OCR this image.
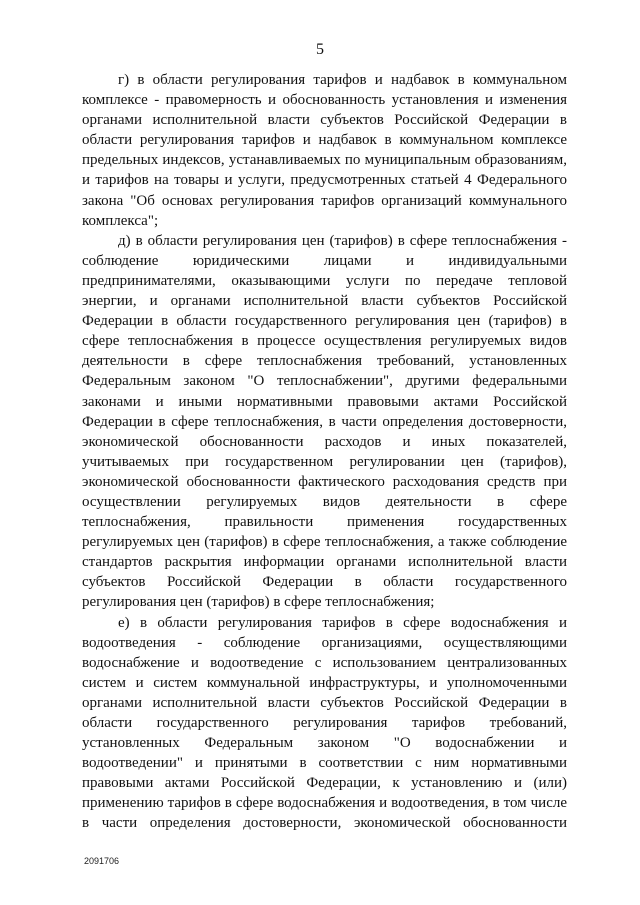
5
г) в области регулирования тарифов и надбавок в коммунальном
комплексе - правомерность и обоснованность установления и изменения
органами исполнительной власти субъектов Российской Федерации в
области регулирования тарифов и надбавок в коммунальном комплексе
предельных индексов, устанавливаемых по муниципальным образованиям,
и тарифов на товары и услуги, предусмотренных статьей 4 Федерального
закона "Об основах регулирования тарифов организаций коммунального
комплекса";
д) в области регулирования цен (тарифов) в сфере теплоснабжения -
соблюдение юридическими лицами и индивидуальными
предпринимателями, оказывающими услуги по передаче тепловой
энергии, и органами исполнительной власти субъектов Российской
Федерации в области государственного регулирования цен (тарифов) в
сфере теплоснабжения в процессе осуществления регулируемых видов
деятельности в сфере теплоснабжения требований, установленных
Федеральным законом "О теплоснабжении", другими федеральными
законами и иными нормативными правовыми актами Российской
Федерации в сфере теплоснабжения, в части определения достоверности,
экономической обоснованности расходов и иных показателей,
учитываемых при государственном регулировании цен (тарифов),
экономической обоснованности фактического расходования средств при
осуществлении регулируемых видов деятельности в сфере
теплоснабжения, правильности применения государственных
регулируемых цен (тарифов) в сфере теплоснабжения, а также соблюдение
стандартов раскрытия информации органами исполнительной власти
субъектов Российской Федерации в области государственного
регулирования цен (тарифов) в сфере теплоснабжения;
е) в области регулирования тарифов в сфере водоснабжения и
водоотведения - соблюдение организациями, осуществляющими
водоснабжение и водоотведение с использованием централизованных
систем и систем коммунальной инфраструктуры, и уполномоченными
органами исполнительной власти субъектов Российской Федерации в
области государственного регулирования тарифов требований,
установленных Федеральным законом "О водоснабжении и
водоотведении" и принятыми в соответствии с ним нормативными
правовыми актами Российской Федерации, к установлению и (или)
применению тарифов в сфере водоснабжения и водоотведения, в том числе
в части определения достоверности, экономической обоснованности
2091706
